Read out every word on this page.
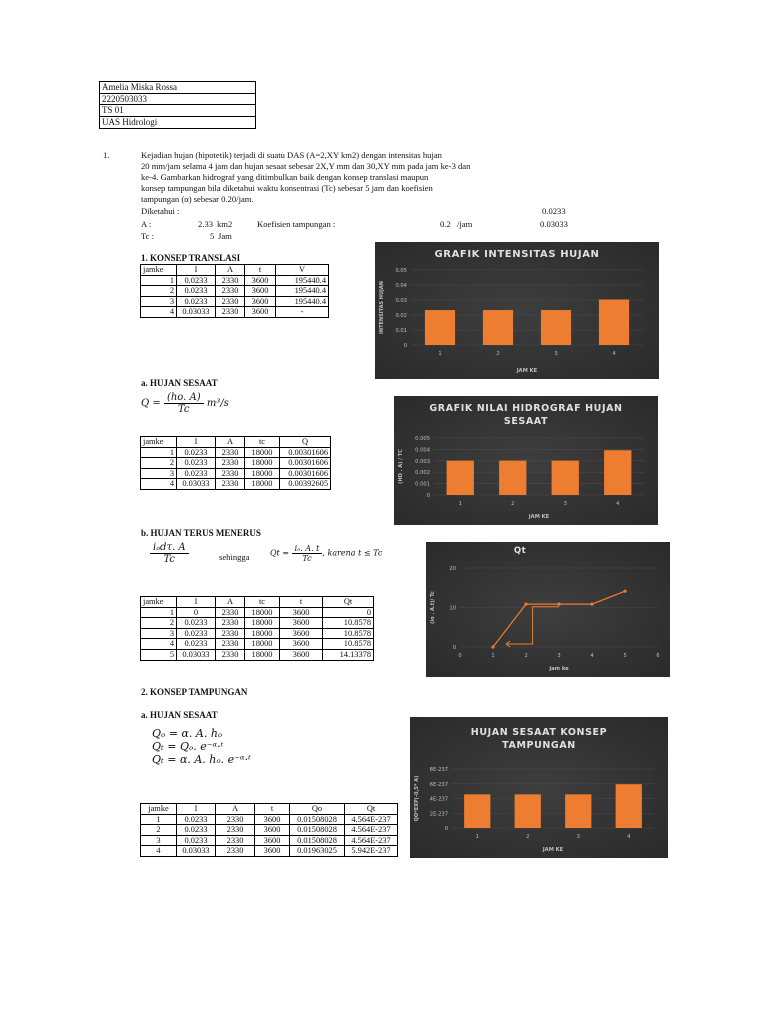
Amelia Miska Rossa
2220503033
TS 01
UAS Hidrologi
1.	Kejadian hujan (hipotetik) terjadi di suatu DAS (A=2,XY km2) dengan intensitas hujan
20 mm/jam selama 4 jam dan hujan sesaat sebesar 2X,Y mm dan 30,XY mm pada jam ke-3 dan
ke-4. Gambarkan hidrograf yang ditimbulkan baik dengan konsep translasi maupun
konsep tampungan bila diketahui waktu konsentrasi (Tc) sebesar 5 jam dan koefisien
tampungan (α) sebesar 0.20/jam.
Diketahui :	0.0233
A :	2.33 km2	Koefisien tampungan :	0.2 /jam	0.03033
Tc :	5 Jam
1. KONSEP TRANSLASI
jamke	I	A	t	V
1	0.0233	2330	3600	195440.4
2	0.0233	2330	3600	195440.4
3	0.0233	2330	3600	195440.4
4	0.03033	2330	3600	-
a. HUJAN SESAAT
$Q = \frac{(ho. A)}{Tc} m^3/s$
jamke	I	A	tc	Q
1	0.0233	2330	18000	0.00301606
2	0.0233	2330	18000	0.00301606
3	0.0233	2330	18000	0.00301606
4	0.03033	2330	18000	0.00392605
b. HUJAN TERUS MENERUS
$\frac{\text{iₒdτ. A}}{Tc}$	sehingga	$Qt = \frac{\text{iₒ. A. t}}{Tc}$ , karena t ≤ Tc
jamke	I	A	tc	t	Qt
1	0	2330	18000	3600	0
2	0.0233	2330	18000	3600	10.8578
3	0.0233	2330	18000	3600	10.8578
4	0.0233	2330	18000	3600	10.8578
5	0.03033	2330	18000	3600	14.13378
2. KONSEP TAMPUNGAN
a. HUJAN SESAAT
Qₒ = α. A. hₒ
Qₜ = Qₒ. e⁻ᵅ·ᵗ
Qₜ = α. A. hₒ. e⁻ᵅ·ᵗ
jamke	I	A	t	Qo	Qt
1	0.0233	2330	3600	0.01508028	4.564E-237
2	0.0233	2330	3600	0.01508028	4.564E-237
3	0.0233	2330	3600	0.01508028	4.564E-237
4	0.03033	2330	3600	0.01963025	5.942E-237
GRAFIK INTENSITAS HUJAN
0
0.01
0.02
0.03
0.04
0.05
INTENSITAS HUJAN
JAM KE
1	2	3	4
GRAFIK NILAI HIDROGRAF HUJAN
SESAAT
0
0.001
0.002
0.003
0.004
0.005
(HO . A) / TC
JAM KE
1	2	3	4
Qt
0
10
20
(io . A.t)/ Tc
jam ke
0	1	2	3	4	5	6
HUJAN SESAAT KONSEP
TAMPUNGAN
0
2E-237
4E-237
6E-237
8E-237
QO*EXP(-0,5* A)
JAM KE
1	2	3	4
